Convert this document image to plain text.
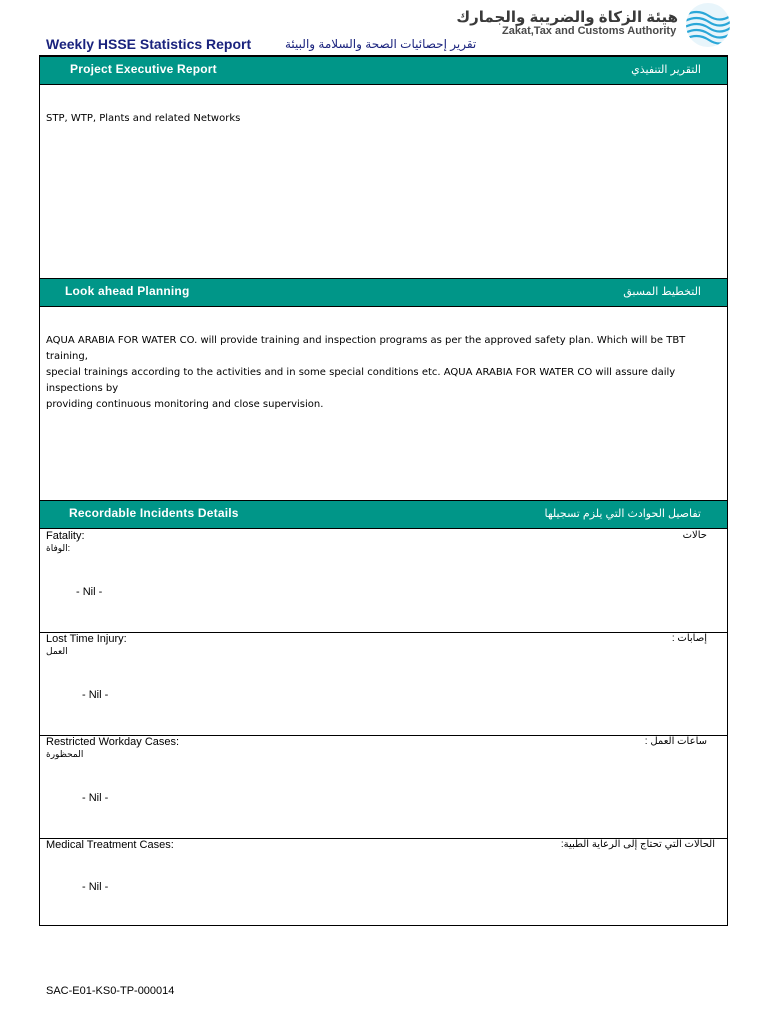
Weekly HSSE Statistics Report	تقرير إحصائيات الصحة والسلامة والبيئة
هيئة الزكاة والضريبة والجمارك
Zakat,Tax and Customs Authority
Project Executive Report	التقرير التنفيذي
STP, WTP, Plants and related Networks
Look ahead Planning	التخطيط المسبق
AQUA ARABIA FOR WATER CO. will provide training and inspection programs as per the approved safety plan. Which will be TBT training,
special trainings according to the activities and in some special conditions etc. AQUA ARABIA FOR WATER CO will assure daily inspections by
providing continuous monitoring and close supervision.
Recordable Incidents Details	تفاصيل الحوادث التي يلزم تسجيلها
Fatality:	حالات
الوفاة:
- Nil -
Lost Time Injury:	إصابات :
العمل
- Nil -
Restricted Workday Cases:	ساعات العمل :
المحظورة
- Nil -
Medical Treatment Cases:	الحالات التي تحتاج إلى الرعاية الطبية:
- Nil -
SAC-E01-KS0-TP-000014
